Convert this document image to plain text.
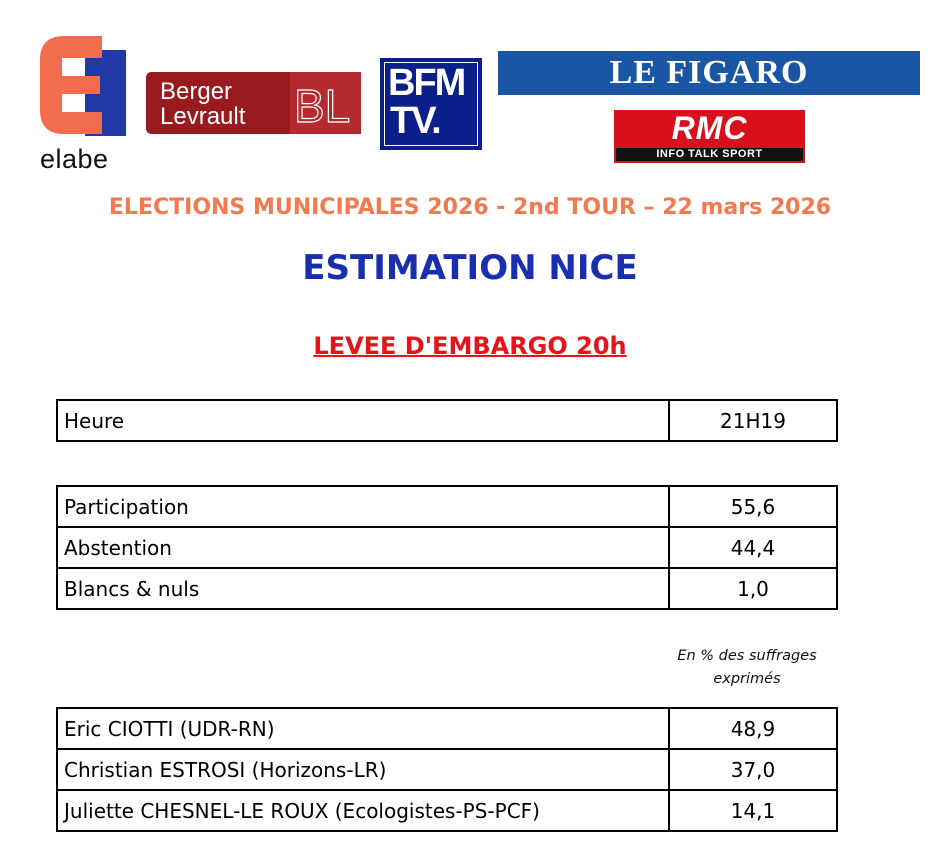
elabe
Berger
Levrault BL BFM
TV.
LE FIGARO
RMC
INFO TALK SPORT
ELECTIONS MUNICIPALES 2026 - 2nd TOUR – 22 mars 2026
ESTIMATION NICE
LEVEE D'EMBARGO 20h
Heure	21H19
Participation	55,6
Abstention	44,4
Blancs & nuls	1,0
En % des suffrages
exprimés
Eric CIOTTI (UDR-RN)	48,9
Christian ESTROSI (Horizons-LR)	37,0
Juliette CHESNEL-LE ROUX (Ecologistes-PS-PCF)	14,1
